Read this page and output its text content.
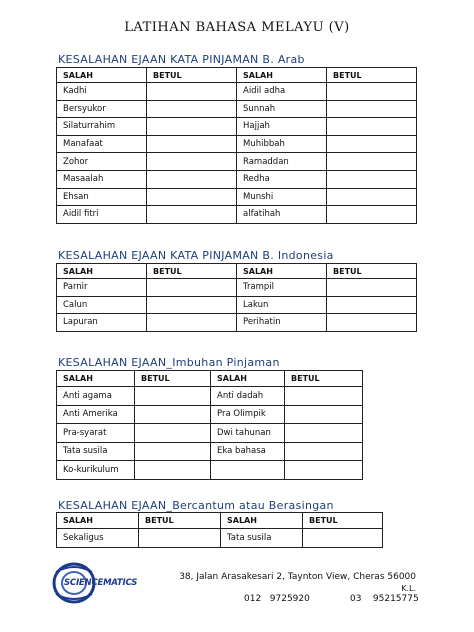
LATIHAN BAHASA MELAYU (V)
KESALAHAN EJAAN KATA PINJAMAN B. Arab
SALAH	BETUL	SALAH	BETUL
Kadhi		Aidil adha	
Bersyukor		Sunnah	
Silaturrahim		Hajjah	
Manafaat		Muhibbah	
Zohor		Ramaddan	
Masaalah		Redha	
Ehsan		Munshi	
Aidil fitri		alfatihah	
KESALAHAN EJAAN KATA PINJAMAN B. Indonesia
SALAH	BETUL	SALAH	BETUL
Parnir		Trampil	
Calun		Lakun	
Lapuran		Perihatin	
KESALAHAN EJAAN_Imbuhan Pinjaman
SALAH	BETUL	SALAH	BETUL
Anti agama		Anti dadah	
Anti Amerika		Pra Olimpik	
Pra-syarat		Dwi tahunan	
Tata susila		Eka bahasa	
Ko-kurikulum			
KESALAHAN EJAAN_Bercantum atau Berasingan
SALAH	BETUL	SALAH	BETUL
Sekaligus		Tata susila	
SCIENCEMATICS
38, Jalan Arasakesari 2, Taynton View, Cheras 56000
K.L.
012   9725920	03    95215775
